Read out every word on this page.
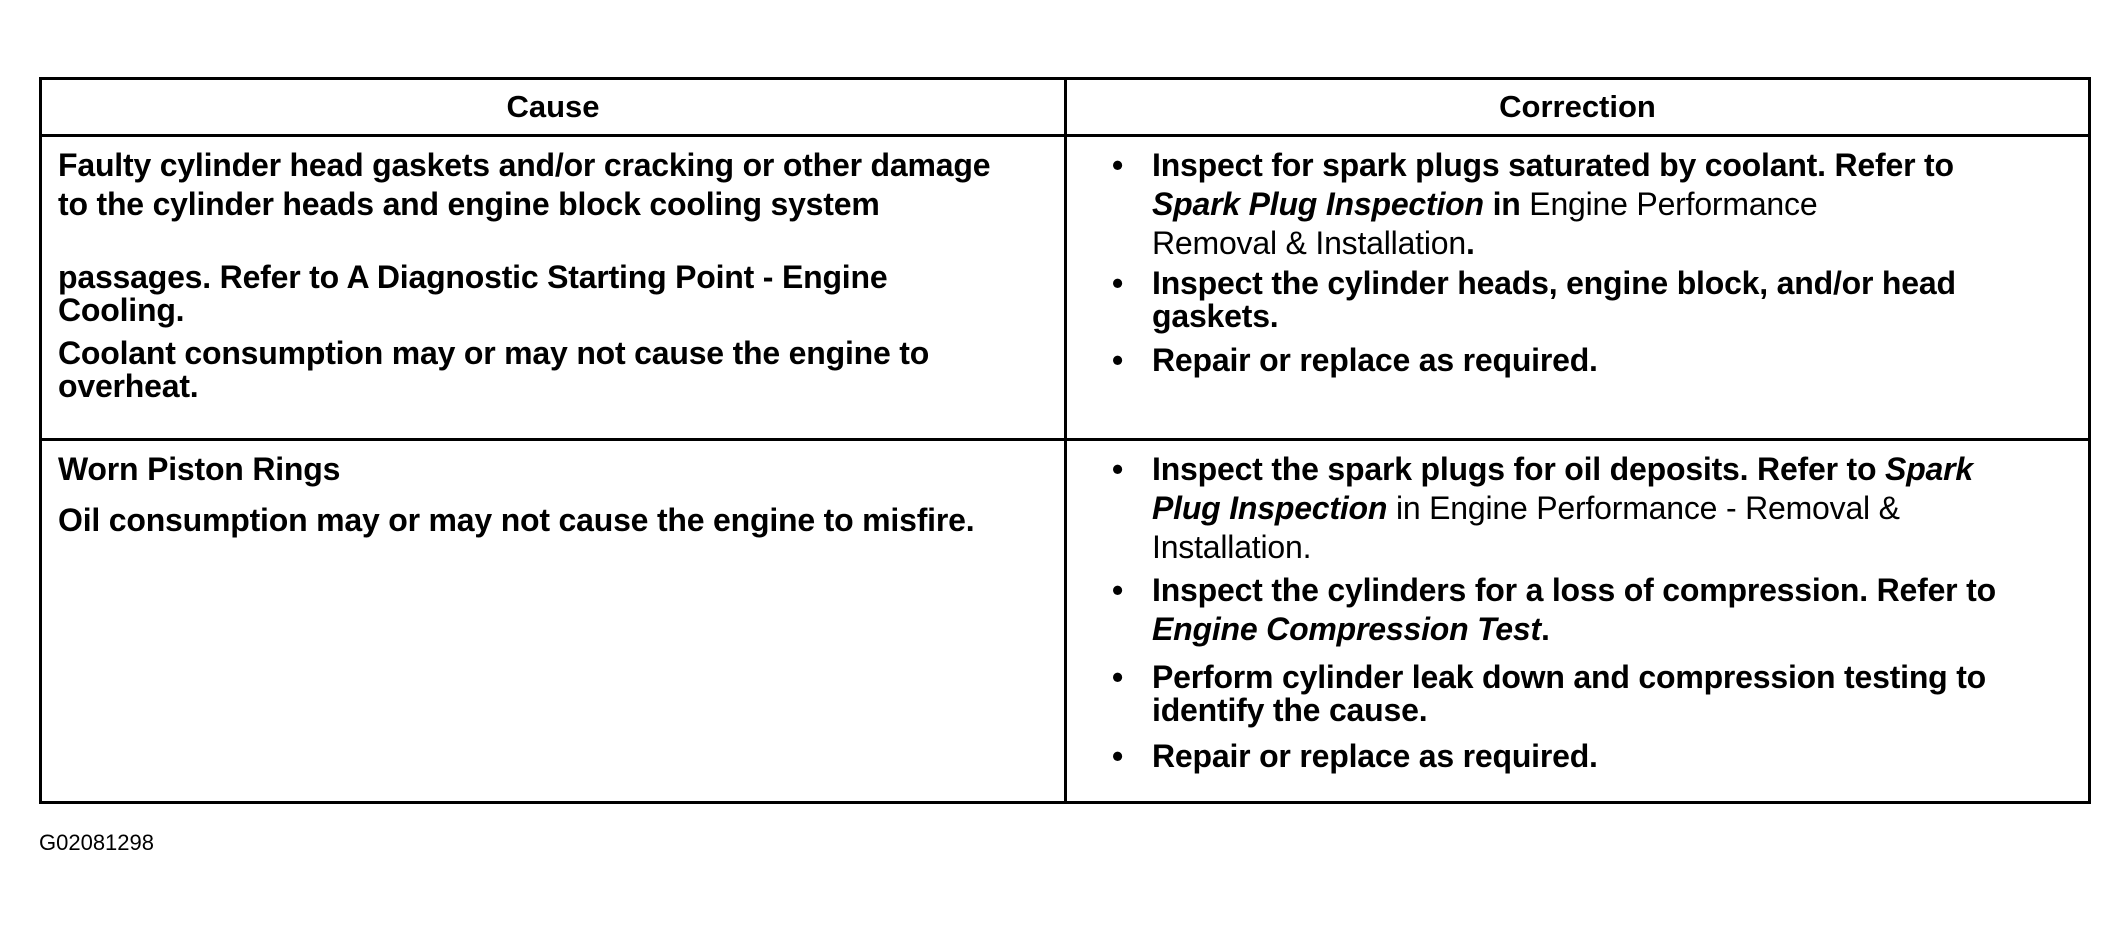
Cause	Correction

Faulty cylinder head gaskets and/or cracking or other damage
to the cylinder heads and engine block cooling system

passages. Refer to A Diagnostic Starting Point - Engine
Cooling.

Coolant consumption may or may not cause the engine to
overheat.

• Inspect for spark plugs saturated by coolant. Refer to
Spark Plug Inspection in Engine Performance
Removal & Installation.
• Inspect the cylinder heads, engine block, and/or head
gaskets.
• Repair or replace as required.

Worn Piston Rings

Oil consumption may or may not cause the engine to misfire.

• Inspect the spark plugs for oil deposits. Refer to Spark
Plug Inspection in Engine Performance - Removal &
Installation.
• Inspect the cylinders for a loss of compression. Refer to
Engine Compression Test.
• Perform cylinder leak down and compression testing to
identify the cause.
• Repair or replace as required.
G02081298
